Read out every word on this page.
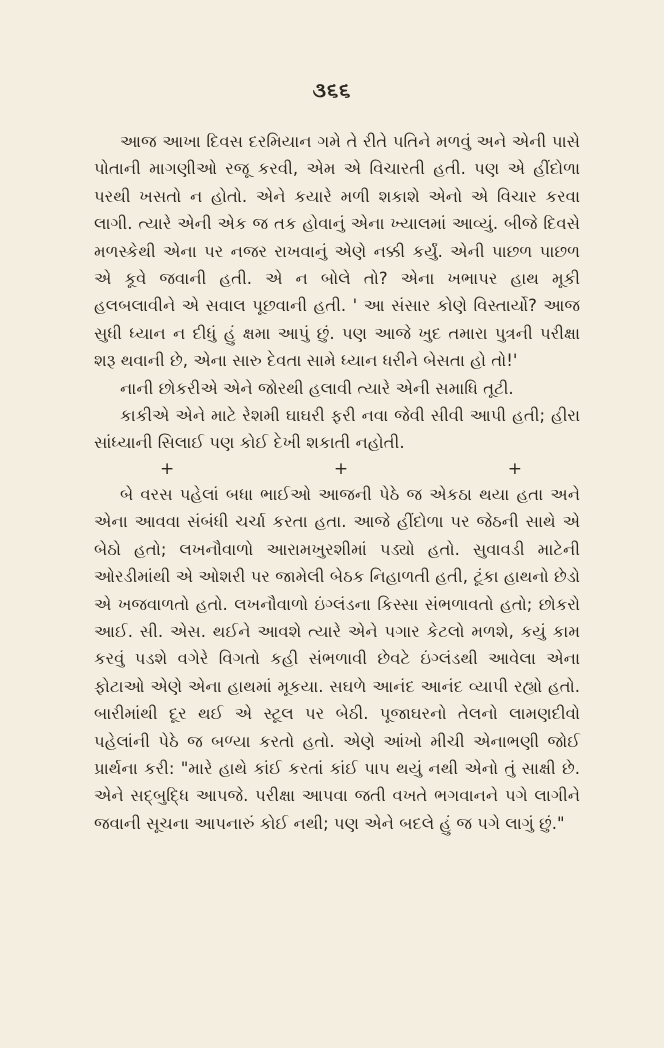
૩૬૬

આજ આખા દિવસ દરમિયાન ગમે તે રીતે પતિને મળવું અને એની પાસે પોતાની માગણીઓ રજૂ કરવી, એમ એ વિચારતી હતી. પણ એ હીંદોળા પરથી ખસતો ન હોતો. એને કયારે મળી શકાશે એનો એ વિચાર કરવા લાગી. ત્યારે એની એક જ તક હોવાનું એના ખ્યાલમાં આવ્યું. બીજે દિવસે મળસ્કેથી એના પર નજર રાખવાનું એણે નક્કી કર્યું. એની પાછળ પાછળ એ કૂવે જવાની હતી. એ ન બોલે તો? એના ખભાપર હાથ મૂકી હલબલાવીને એ સવાલ પૂછવાની હતી. ' આ સંસાર કોણે વિસ્તાર્યો? આજ સુધી ધ્યાન ન દીધું હું ક્ષમા આપું છું. પણ આજે ખુદ તમારા પુત્રની પરીક્ષા શરૂ થવાની છે, એના સારુ દેવતા સામે ધ્યાન ધરીને બેસતા હો તો!'

નાની છોકરીએ એને જોરથી હલાવી ત્યારે એની સમાધિ તૂટી.

કાકીએ એને માટે રેશમી ઘાઘરી ફરી નવા જેવી સીવી આપી હતી; હીરા સાંધ્યાની સિલાઈ પણ કોઈ દેખી શકાતી નહોતી.

+	+	+

બે વરસ પહેલાં બધા ભાઈઓ આજની પેઠે જ એકઠા થયા હતા અને એના આવવા સંબંધી ચર્ચા કરતા હતા. આજે હીંદોળા પર જેઠની સાથે એ બેઠો હતો; લખનૌવાળો આરામખુરશીમાં પડ્યો હતો. સુવાવડી માટેની ઓરડીમાંથી એ ઓશરી પર જામેલી બેઠક નિહાળતી હતી, ટૂંકા હાથનો છેડો એ ખજવાળતો હતો. લખનૌવાળો ઇંગ્લંડના કિસ્સા સંભળાવતો હતો; છોકરો આઈ. સી. એસ. થઈને આવશે ત્યારે એને પગાર કેટલો મળશે, કયું કામ કરવું પડશે વગેરે વિગતો કહી સંભળાવી છેવટે ઇંગ્લંડથી આવેલા એના ફોટાઓ એણે એના હાથમાં મૂકયા. સઘળે આનંદ આનંદ વ્યાપી રહ્યો હતો. બારીમાંથી દૂર થઈ એ સ્ટૂલ પર બેઠી. પૂજાઘરનો તેલનો લામણદીવો પહેલાંની પેઠે જ બળ્યા કરતો હતો. એણે આંખો મીચી એનાભણી જોઈ પ્રાર્થના કરી: "મારે હાથે કાંઈ કરતાં કાંઈ પાપ થયું નથી એનો તું સાક્ષી છે. એને સદ્બુદ્ધિ આપજે. પરીક્ષા આપવા જતી વખતે ભગવાનને પગે લાગીને જવાની સૂચના આપનારું કોઈ નથી; પણ એને બદલે હું જ પગે લાગું છું."
